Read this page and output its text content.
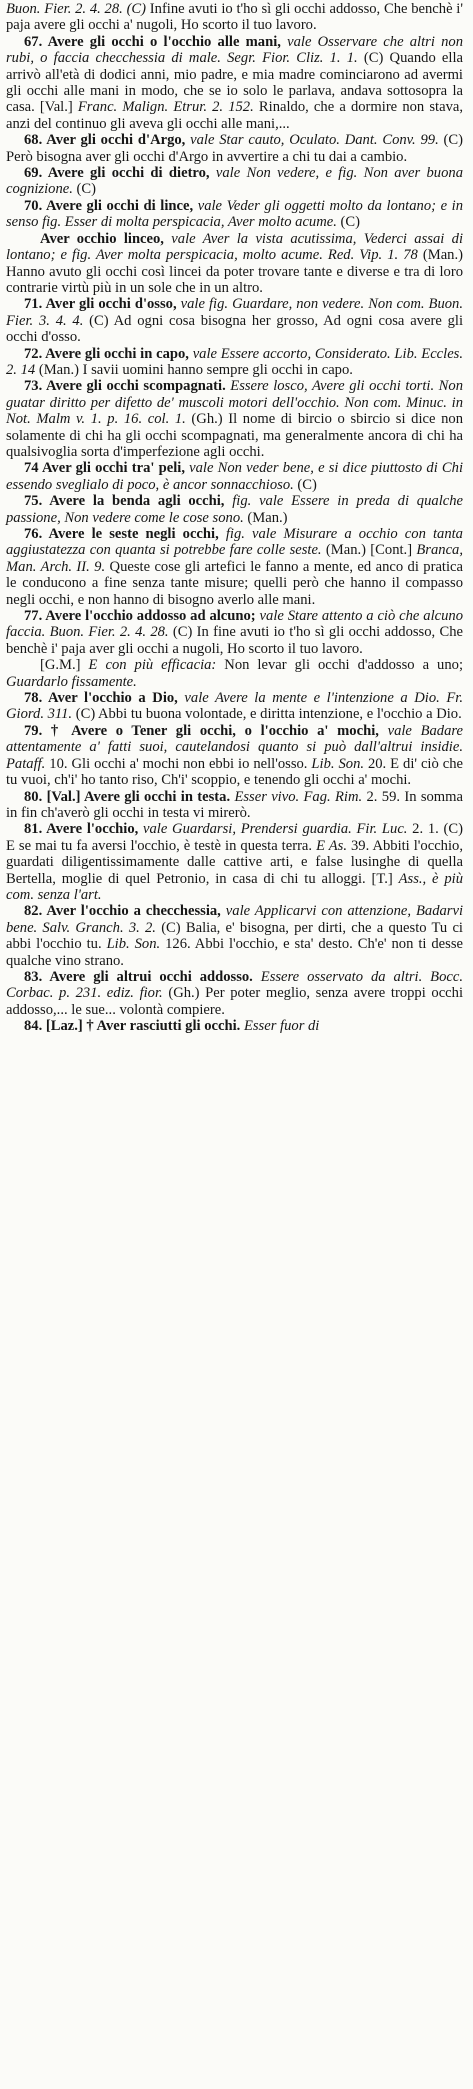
Buon. Fier. 2. 4. 28. (C) Infine avuti io t'ho sì gli occhi addosso, Che benchè i' paja avere gli occhi a' nugoli, Ho scorto il tuo lavoro.

67. Avere gli occhi o l'occhio alle mani, vale Osservare che altri non rubi, o faccia checchessia di male. Segr. Fior. Cliz. 1. 1. (C) Quando ella arrivò all'età di dodici anni, mio padre, e mia madre cominciarono ad avermi gli occhi alle mani in modo, che se io solo le parlava, andava sottosopra la casa. [Val.] Franc. Malign. Etrur. 2. 152. Rinaldo, che a dormire non stava, anzi del continuo gli aveva gli occhi alle mani,...

68. Aver gli occhi d'Argo, vale Star cauto, Oculato. Dant. Conv. 99. (C) Però bisogna aver gli occhi d'Argo in avvertire a chi tu dai a cambio.

69. Avere gli occhi di dietro, vale Non vedere, e fig. Non aver buona cognizione. (C)

70. Avere gli occhi di lince, vale Veder gli oggetti molto da lontano; e in senso fig. Esser di molta perspicacia, Aver molto acume. (C)

Aver occhio linceo, vale Aver la vista acutissima, Vederci assai di lontano; e fig. Aver molta perspicacia, molto acume. Red. Vip. 1. 78 (Man.) Hanno avuto gli occhi così lincei da poter trovare tante e diverse e tra di loro contrarie virtù più in un sole che in un altro.

71. Aver gli occhi d'osso, vale fig. Guardare, non vedere. Non com. Buon. Fier. 3. 4. 4. (C) Ad ogni cosa bisogna her grosso, Ad ogni cosa avere gli occhi d'osso.

72. Avere gli occhi in capo, vale Essere accorto, Considerato. Lib. Eccles. 2. 14 (Man.) I savii uomini hanno sempre gli occhi in capo.

73. Avere gli occhi scompagnati. Essere losco, Avere gli occhi torti. Non guatar diritto per difetto de' muscoli motori dell'occhio. Non com. Minuc. in Not. Malm v. 1. p. 16. col. 1. (Gh.) Il nome di bircio o sbircio si dice non solamente di chi ha gli occhi scompagnati, ma generalmente ancora di chi ha qualsivoglia sorta d'imperfezione agli occhi.

74 Aver gli occhi tra' peli, vale Non veder bene, e si dice piuttosto di Chi essendo sveglialo di poco, è ancor sonnacchioso. (C)

75. Avere la benda agli occhi, fig. vale Essere in preda di qualche passione, Non vedere come le cose sono. (Man.)

76. Avere le seste negli occhi, fig. vale Misurare a occhio con tanta aggiustatezza con quanta si potrebbe fare colle seste. (Man.) [Cont.] Branca, Man. Arch. II. 9. Queste cose gli artefici le fanno a mente, ed anco di pratica le conducono a fine senza tante misure; quelli però che hanno il compasso negli occhi, e non hanno di bisogno averlo alle mani.

77. Avere l'occhio addosso ad alcuno; vale Stare attento a ciò che alcuno faccia. Buon. Fier. 2. 4. 28. (C) In fine avuti io t'ho sì gli occhi addosso, Che benchè i' paja aver gli occhi a nugoli, Ho scorto il tuo lavoro.

[G.M.] E con più efficacia: Non levar gli occhi d'addosso a uno; Guardarlo fissamente.

78. Aver l'occhio a Dio, vale Avere la mente e l'intenzione a Dio. Fr. Giord. 311. (C) Abbi tu buona volontade, e diritta intenzione, e l'occhio a Dio.

79. † Avere o Tener gli occhi, o l'occhio a' mochi, vale Badare attentamente a' fatti suoi, cautelandosi quanto si può dall'altrui insidie. Pataff. 10. Gli occhi a' mochi non ebbi io nell'osso. Lib. Son. 20. E di' ciò che tu vuoi, ch'i' ho tanto riso, Ch'i' scoppio, e tenendo gli occhi a' mochi.

80. [Val.] Avere gli occhi in testa. Esser vivo. Fag. Rim. 2. 59. In somma in fin ch'averò gli occhi in testa vi mirerò.

81. Avere l'occhio, vale Guardarsi, Prendersi guardia. Fir. Luc. 2. 1. (C) E se mai tu fa aversi l'occhio, è testè in questa terra. E As. 39. Abbiti l'occhio, guardati diligentissimamente dalle cattive arti, e false lusinghe di quella Bertella, moglie di quel Petronio, in casa di chi tu alloggi. [T.] Ass., è più com. senza l'art.

82. Aver l'occhio a checchessia, vale Applicarvi con attenzione, Badarvi bene. Salv. Granch. 3. 2. (C) Balia, e' bisogna, per dirti, che a questo Tu ci abbi l'occhio tu. Lib. Son. 126. Abbi l'occhio, e sta' desto. Ch'e' non ti desse qualche vino strano.

83. Avere gli altrui occhi addosso. Essere osservato da altri. Bocc. Corbac. p. 231. ediz. fior. (Gh.) Per poter meglio, senza avere troppi occhi addosso,... le sue... volontà compiere.

84. [Laz.] † Aver rasciutti gli occhi. Esser fuor di
